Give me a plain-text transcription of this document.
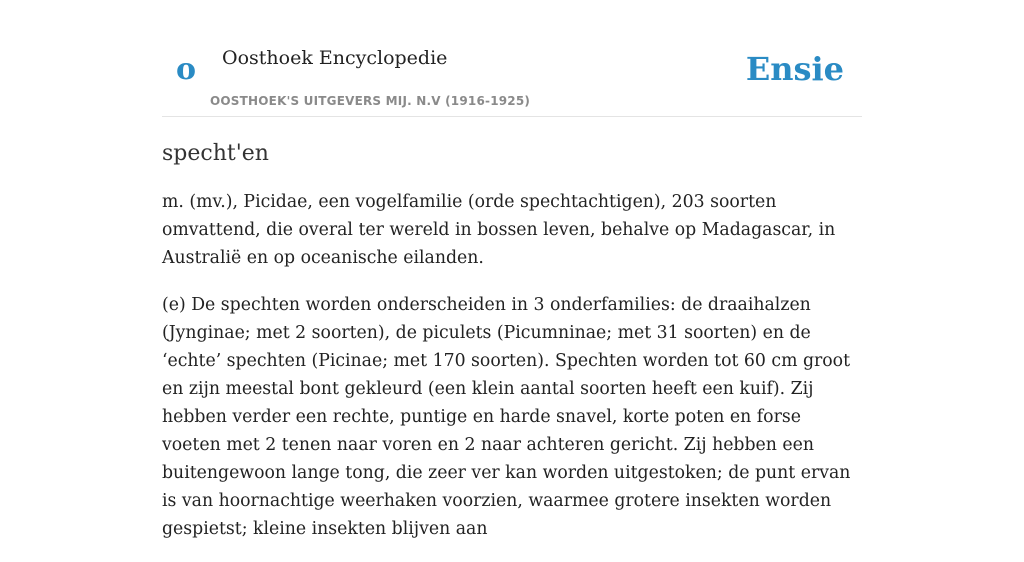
o Oosthoek Encyclopedie
OOSTHOEK'S UITGEVERS MIJ. N.V (1916-1925)
Ensie
specht'en

m. (mv.), Picidae, een vogelfamilie (orde spechtachtigen), 203 soorten omvattend, die overal ter wereld in bossen leven, behalve op Madagascar, in Australië en op oceanische eilanden.

(e) De spechten worden onderscheiden in 3 onderfamilies: de draaihalzen (Jynginae; met 2 soorten), de piculets (Picumninae; met 31 soorten) en de ‘echte’ spechten (Picinae; met 170 soorten). Spechten worden tot 60 cm groot en zijn meestal bont gekleurd (een klein aantal soorten heeft een kuif). Zij hebben verder een rechte, puntige en harde snavel, korte poten en forse voeten met 2 tenen naar voren en 2 naar achteren gericht. Zij hebben een buitengewoon lange tong, die zeer ver kan worden uitgestoken; de punt ervan is van hoornachtige weerhaken voorzien, waarmee grotere insekten worden gespietst; kleine insekten blijven aan
